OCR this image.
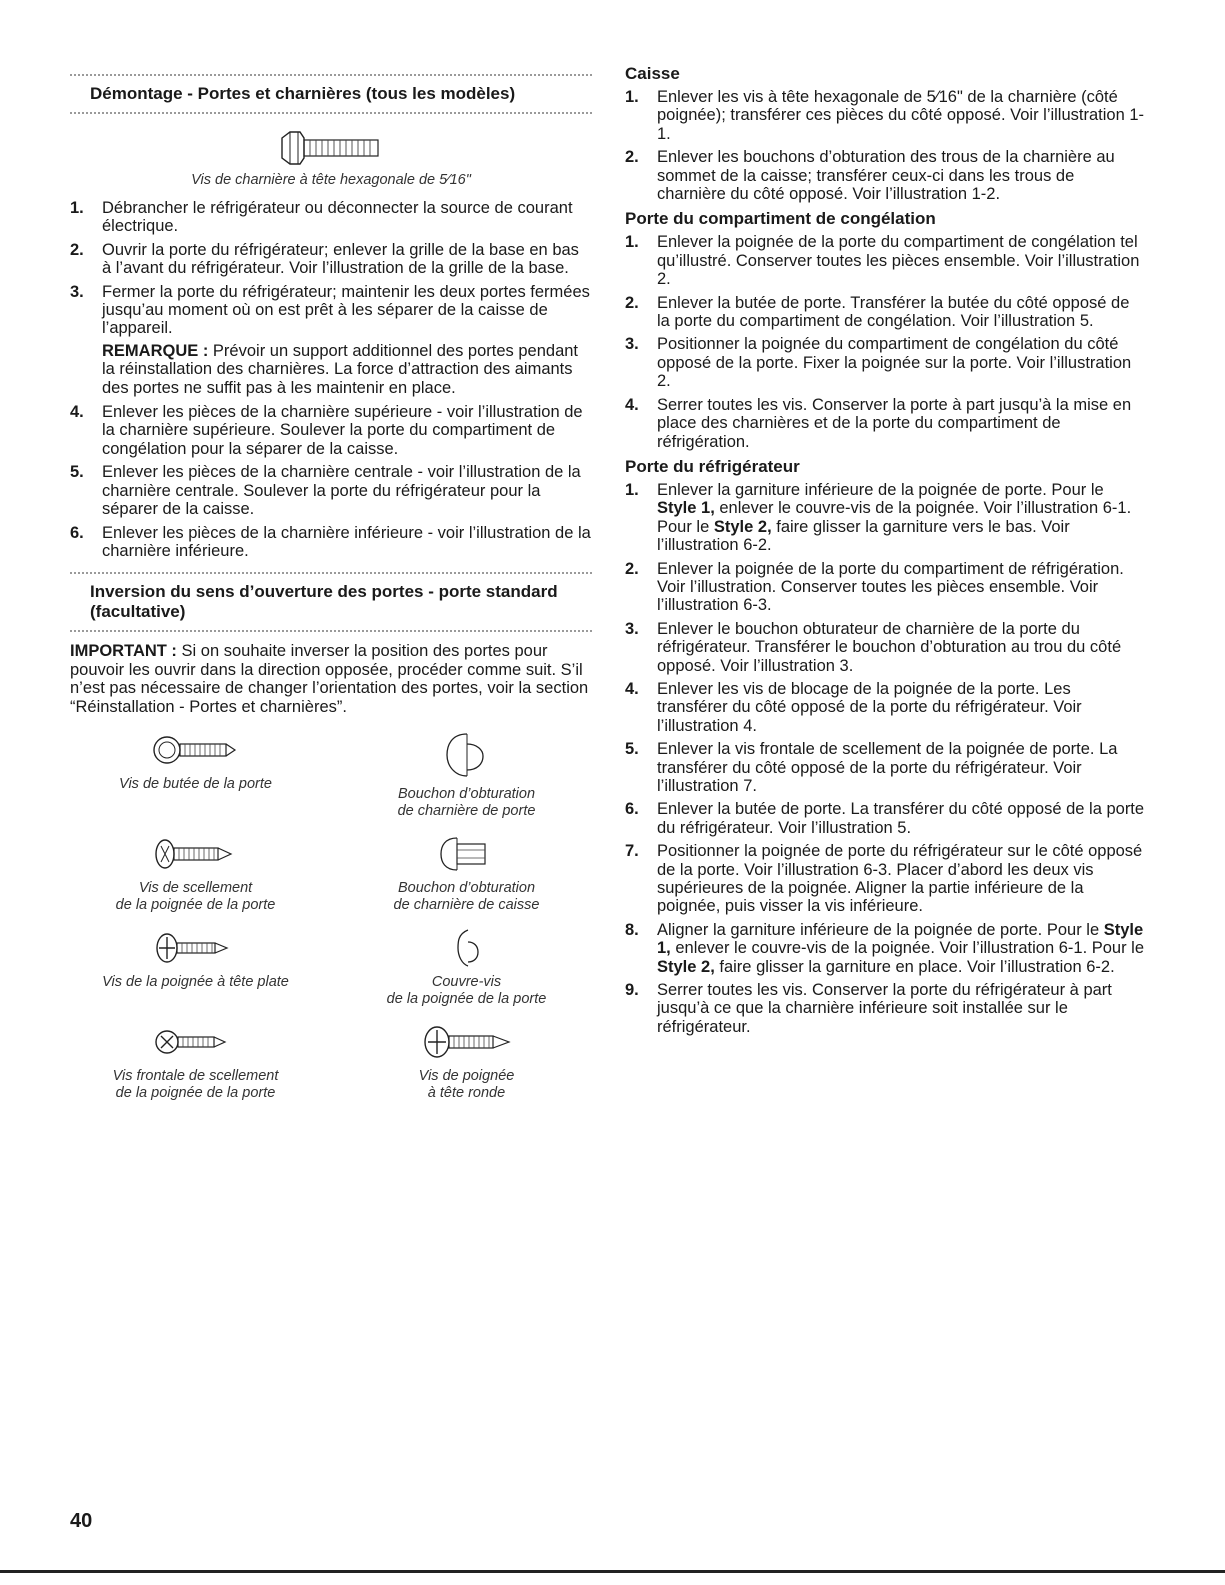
Démontage - Portes et charnières (tous les modèles)
Vis de charnière à tête hexagonale de 5⁄16"
1. Débrancher le réfrigérateur ou déconnecter la source de courant électrique.
2. Ouvrir la porte du réfrigérateur; enlever la grille de la base en bas à l’avant du réfrigérateur. Voir l’illustration de la grille de la base.
3. Fermer la porte du réfrigérateur; maintenir les deux portes fermées jusqu’au moment où on est prêt à les séparer de la caisse de l’appareil.

REMARQUE : Prévoir un support additionnel des portes pendant la réinstallation des charnières. La force d’attraction des aimants des portes ne suffit pas à les maintenir en place.

4. Enlever les pièces de la charnière supérieure - voir l’illustration de la charnière supérieure. Soulever la porte du compartiment de congélation pour la séparer de la caisse.
5. Enlever les pièces de la charnière centrale - voir l’illustration de la charnière centrale. Soulever la porte du réfrigérateur pour la séparer de la caisse.
6. Enlever les pièces de la charnière inférieure - voir l’illustration de la charnière inférieure.
Inversion du sens d’ouverture des portes - porte standard (facultative)

IMPORTANT : Si on souhaite inverser la position des portes pour pouvoir les ouvrir dans la direction opposée, procéder comme suit. S’il n’est pas nécessaire de changer l’orientation des portes, voir la section “Réinstallation - Portes et charnières”.

Vis de butée de la porte
Bouchon d’obturation
de charnière de porte
Vis de scellement
de la poignée de la porte
Bouchon d’obturation
de charnière de caisse
Vis de la poignée à tête plate	Couvre-vis
de la poignée de la porte
Vis frontale de scellement
de la poignée de la porte
Vis de poignée
à tête ronde
Caisse
1. Enlever les vis à tête hexagonale de 5⁄16" de la charnière (côté poignée); transférer ces pièces du côté opposé. Voir l’illustration 1-1.
2. Enlever les bouchons d’obturation des trous de la charnière au sommet de la caisse; transférer ceux-ci dans les trous de charnière du côté opposé. Voir l’illustration 1-2.
Porte du compartiment de congélation
1. Enlever la poignée de la porte du compartiment de congélation tel qu’illustré. Conserver toutes les pièces ensemble. Voir l’illustration 2.
2. Enlever la butée de porte. Transférer la butée du côté opposé de la porte du compartiment de congélation. Voir l’illustration 5.
3. Positionner la poignée du compartiment de congélation du côté opposé de la porte. Fixer la poignée sur la porte. Voir l’illustration 2.
4. Serrer toutes les vis. Conserver la porte à part jusqu’à la mise en place des charnières et de la porte du compartiment de réfrigération.
Porte du réfrigérateur
1. Enlever la garniture inférieure de la poignée de porte. Pour le Style 1, enlever le couvre-vis de la poignée. Voir l’illustration 6-1. Pour le Style 2, faire glisser la garniture vers le bas. Voir l’illustration 6-2.
2. Enlever la poignée de la porte du compartiment de réfrigération. Voir l’illustration. Conserver toutes les pièces ensemble. Voir l’illustration 6-3.
3. Enlever le bouchon obturateur de charnière de la porte du réfrigérateur. Transférer le bouchon d’obturation au trou du côté opposé. Voir l’illustration 3.
4. Enlever les vis de blocage de la poignée de la porte. Les transférer du côté opposé de la porte du réfrigérateur. Voir l’illustration 4.
5. Enlever la vis frontale de scellement de la poignée de porte. La transférer du côté opposé de la porte du réfrigérateur. Voir l’illustration 7.
6. Enlever la butée de porte. La transférer du côté opposé de la porte du réfrigérateur. Voir l’illustration 5.
7. Positionner la poignée de porte du réfrigérateur sur le côté opposé de la porte. Voir l’illustration 6-3. Placer d’abord les deux vis supérieures de la poignée. Aligner la partie inférieure de la poignée, puis visser la vis inférieure.
8. Aligner la garniture inférieure de la poignée de porte. Pour le Style 1, enlever le couvre-vis de la poignée. Voir l’illustration 6-1. Pour le Style 2, faire glisser la garniture en place. Voir l’illustration 6-2.
9. Serrer toutes les vis. Conserver la porte du réfrigérateur à part jusqu’à ce que la charnière inférieure soit installée sur le réfrigérateur.
40
